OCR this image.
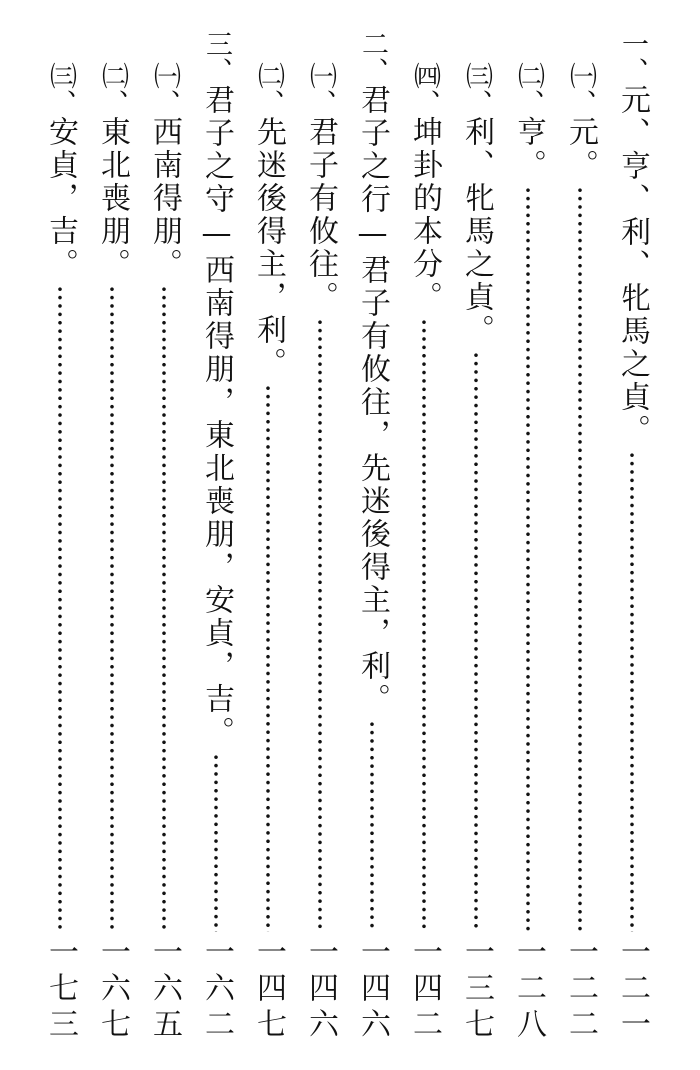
一、
元、亨、利、牝馬之貞。
一二一
㈠、
元。
一二二
㈡、
亨。
一二八
㈢、
利、牝馬之貞。
一三七
㈣、
坤卦的本分。
一四二
二、
君子之行—君子有攸往，先迷後得主，利。
一四六
㈠、
君子有攸往。
一四六
㈡、
先迷後得主，利。
一四七
三、
君子之守—西南得朋，東北喪朋，安貞，吉。
一六二
㈠、
西南得朋。
一六五
㈡、
東北喪朋。
一六七
㈢、
安貞，吉。
一七三
